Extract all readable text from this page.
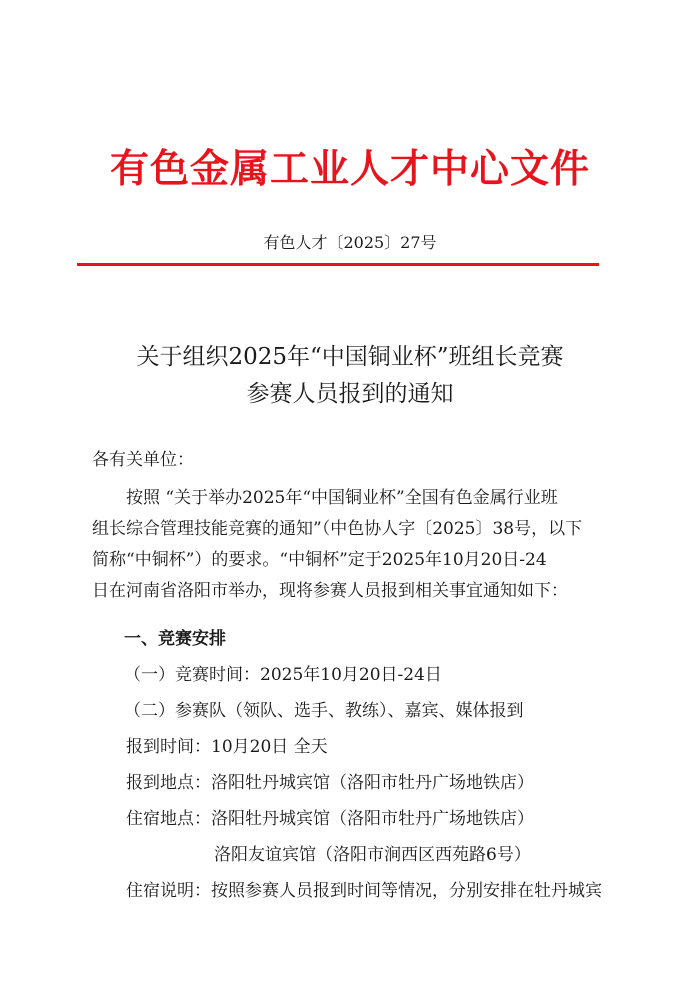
有色金属工业人才中心文件
有色人才〔2025〕27号
关于组织2025年“中国铜业杯”班组长竞赛
参赛人员报到的通知
各有关单位：
按照 “关于举办2025年“中国铜业杯”全国有色金属行业班
组长综合管理技能竞赛的通知”（中色协人字〔2025〕38号，以下
简称“中铜杯”）的要求。“中铜杯”定于2025年10月20日-24
日在河南省洛阳市举办，现将参赛人员报到相关事宜通知如下：
一、竞赛安排
（一）竞赛时间：2025年10月20日-24日
（二）参赛队（领队、选手、教练）、嘉宾、媒体报到
报到时间：10月20日 全天
报到地点：洛阳牡丹城宾馆（洛阳市牡丹广场地铁店）
住宿地点：洛阳牡丹城宾馆（洛阳市牡丹广场地铁店）
洛阳友谊宾馆（洛阳市涧西区西苑路6号）
住宿说明：按照参赛人员报到时间等情况，分别安排在牡丹城宾
